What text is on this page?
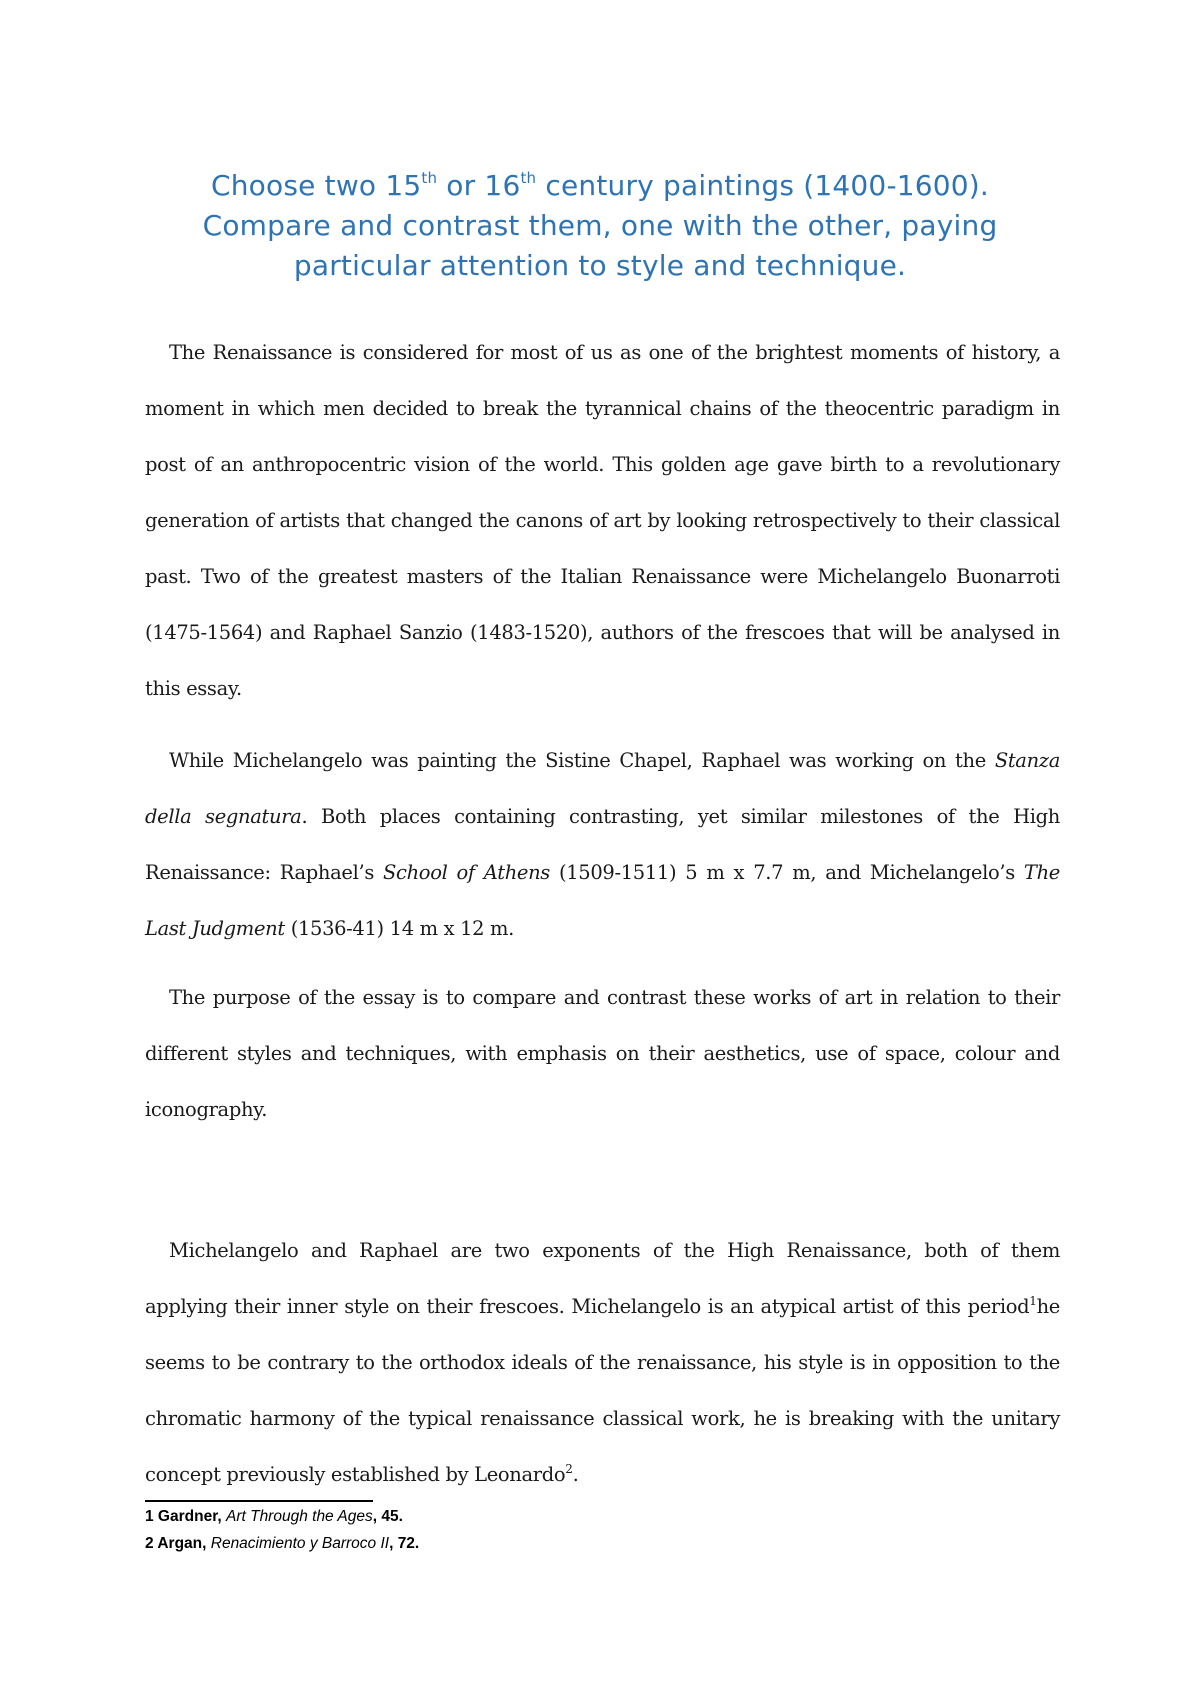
Choose two 15th or 16th century paintings (1400-1600).
Compare and contrast them, one with the other, paying
particular attention to style and technique.

The Renaissance is considered for most of us as one of the brightest moments of history, a moment in which men decided to break the tyrannical chains of the theocentric paradigm in post of an anthropocentric vision of the world. This golden age gave birth to a revolutionary generation of artists that changed the canons of art by looking retrospectively to their classical past. Two of the greatest masters of the Italian Renaissance were Michelangelo Buonarroti (1475-1564) and Raphael Sanzio (1483-1520), authors of the frescoes that will be analysed in this essay.

While Michelangelo was painting the Sistine Chapel, Raphael was working on the Stanza della segnatura. Both places containing contrasting, yet similar milestones of the High Renaissance: Raphael’s School of Athens (1509-1511) 5 m x 7.7 m, and Michelangelo’s The Last Judgment (1536-41) 14 m x 12 m.

The purpose of the essay is to compare and contrast these works of art in relation to their different styles and techniques, with emphasis on their aesthetics, use of space, colour and iconography.

Michelangelo and Raphael are two exponents of the High Renaissance, both of them applying their inner style on their frescoes. Michelangelo is an atypical artist of this period$^1$he seems to be contrary to the orthodox ideals of the renaissance, his style is in opposition to the chromatic harmony of the typical renaissance classical work, he is breaking with the unitary concept previously established by Leonardo$^2$.

1 Gardner, Art Through the Ages, 45.

2 Argan, Renacimiento y Barroco II, 72.
